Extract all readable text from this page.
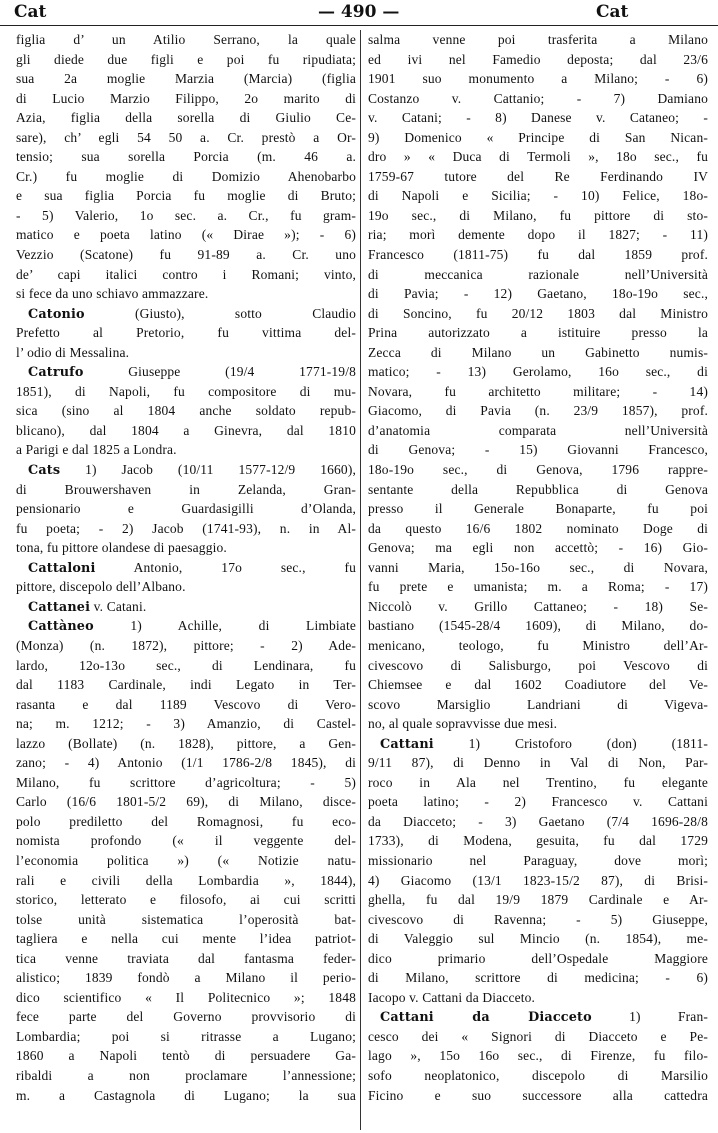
Cat	— 490 —	Cat
figlia d’ un Atilio Serrano, la quale
gli diede due figli e poi fu ripudiata;
sua 2a moglie Marzia (Marcia) (figlia
di Lucio Marzio Filippo, 2o marito di
Azia, figlia della sorella di Giulio Ce-
sare), ch’ egli 54 50 a. Cr. prestò a Or-
tensio; sua sorella Porcia (m. 46 a.
Cr.) fu moglie di Domizio Ahenobarbo
e sua figlia Porcia fu moglie di Bruto;
- 5) Valerio, 1o sec. a. Cr., fu gram-
matico e poeta latino (« Dirae »); - 6)
Vezzio (Scatone) fu 91-89 a. Cr. uno
de’ capi italici contro i Romani; vinto,
si fece da uno schiavo ammazzare.
Catonio (Giusto), sotto Claudio
Prefetto al Pretorio, fu vittima del-
l’ odio di Messalina.
Catrufo Giuseppe (19/4 1771-19/8
1851), di Napoli, fu compositore di mu-
sica (sino al 1804 anche soldato repub-
blicano), dal 1804 a Ginevra, dal 1810
a Parigi e dal 1825 a Londra.
Cats 1) Jacob (10/11 1577-12/9 1660),
di Brouwershaven in Zelanda, Gran-
pensionario e Guardasigilli d’Olanda,
fu poeta; - 2) Jacob (1741-93), n. in Al-
tona, fu pittore olandese di paesaggio.
Cattaloni Antonio, 17o sec., fu
pittore, discepolo dell’Albano.
Cattanei v. Catani.
Cattàneo 1) Achille, di Limbiate
(Monza) (n. 1872), pittore; - 2) Ade-
lardo, 12o-13o sec., di Lendinara, fu
dal 1183 Cardinale, indi Legato in Ter-
rasanta e dal 1189 Vescovo di Vero-
na; m. 1212; - 3) Amanzio, di Castel-
lazzo (Bollate) (n. 1828), pittore, a Gen-
zano; - 4) Antonio (1/1 1786-2/8 1845), di
Milano, fu scrittore d’agricoltura; - 5)
Carlo (16/6 1801-5/2 69), di Milano, disce-
polo prediletto del Romagnosi, fu eco-
nomista profondo (« il veggente del-
l’economia politica ») (« Notizie natu-
rali e civili della Lombardia », 1844),
storico, letterato e filosofo, ai cui scritti
tolse unità sistematica l’operosità bat-
tagliera e nella cui mente l’idea patriot-
tica venne traviata dal fantasma feder-
alistico; 1839 fondò a Milano il perio-
dico scientifico « Il Politecnico »; 1848
fece parte del Governo provvisorio di
Lombardia; poi si ritrasse a Lugano;
1860 a Napoli tentò di persuadere Ga-
ribaldi a non proclamare l’annessione;
m. a Castagnola di Lugano; la sua
salma venne poi trasferita a Milano
ed ivi nel Famedio deposta; dal 23/6
1901 suo monumento a Milano; - 6)
Costanzo v. Cattanio; - 7) Damiano
v. Catani; - 8) Danese v. Cataneo; -
9) Domenico « Principe di San Nican-
dro » « Duca di Termoli », 18o sec., fu
1759-67 tutore del Re Ferdinando IV
di Napoli e Sicilia; - 10) Felice, 18o-
19o sec., di Milano, fu pittore di sto-
ria; morì demente dopo il 1827; - 11)
Francesco (1811-75) fu dal 1859 prof.
di meccanica razionale nell’Università
di Pavia; - 12) Gaetano, 18o-19o sec.,
di Soncino, fu 20/12 1803 dal Ministro
Prina autorizzato a istituire presso la
Zecca di Milano un Gabinetto numis-
matico; - 13) Gerolamo, 16o sec., di
Novara, fu architetto militare; - 14)
Giacomo, di Pavia (n. 23/9 1857), prof.
d’anatomia comparata nell’Università
di Genova; - 15) Giovanni Francesco,
18o-19o sec., di Genova, 1796 rappre-
sentante della Repubblica di Genova
presso il Generale Bonaparte, fu poi
da questo 16/6 1802 nominato Doge di
Genova; ma egli non accettò; - 16) Gio-
vanni Maria, 15o-16o sec., di Novara,
fu prete e umanista; m. a Roma; - 17)
Niccolò v. Grillo Cattaneo; - 18) Se-
bastiano (1545-28/4 1609), di Milano, do-
menicano, teologo, fu Ministro dell’Ar-
civescovo di Salisburgo, poi Vescovo di
Chiemsee e dal 1602 Coadiutore del Ve-
scovo Marsiglio Landriani di Vigeva-
no, al quale sopravvisse due mesi.
Cattani 1) Cristoforo (don) (1811-
9/11 87), di Denno in Val di Non, Par-
roco in Ala nel Trentino, fu elegante
poeta latino; - 2) Francesco v. Cattani
da Diacceto; - 3) Gaetano (7/4 1696-28/8
1733), di Modena, gesuita, fu dal 1729
missionario nel Paraguay, dove morì;
4) Giacomo (13/1 1823-15/2 87), di Brisi-
ghella, fu dal 19/9 1879 Cardinale e Ar-
civescovo di Ravenna; - 5) Giuseppe,
di Valeggio sul Mincio (n. 1854), me-
dico primario dell’Ospedale Maggiore
di Milano, scrittore di medicina; - 6)
Iacopo v. Cattani da Diacceto.
Cattani da Diacceto 1) Fran-
cesco dei « Signori di Diacceto e Pe-
lago », 15o 16o sec., di Firenze, fu filo-
sofo neoplatonico, discepolo di Marsilio
Ficino e suo successore alla cattedra
